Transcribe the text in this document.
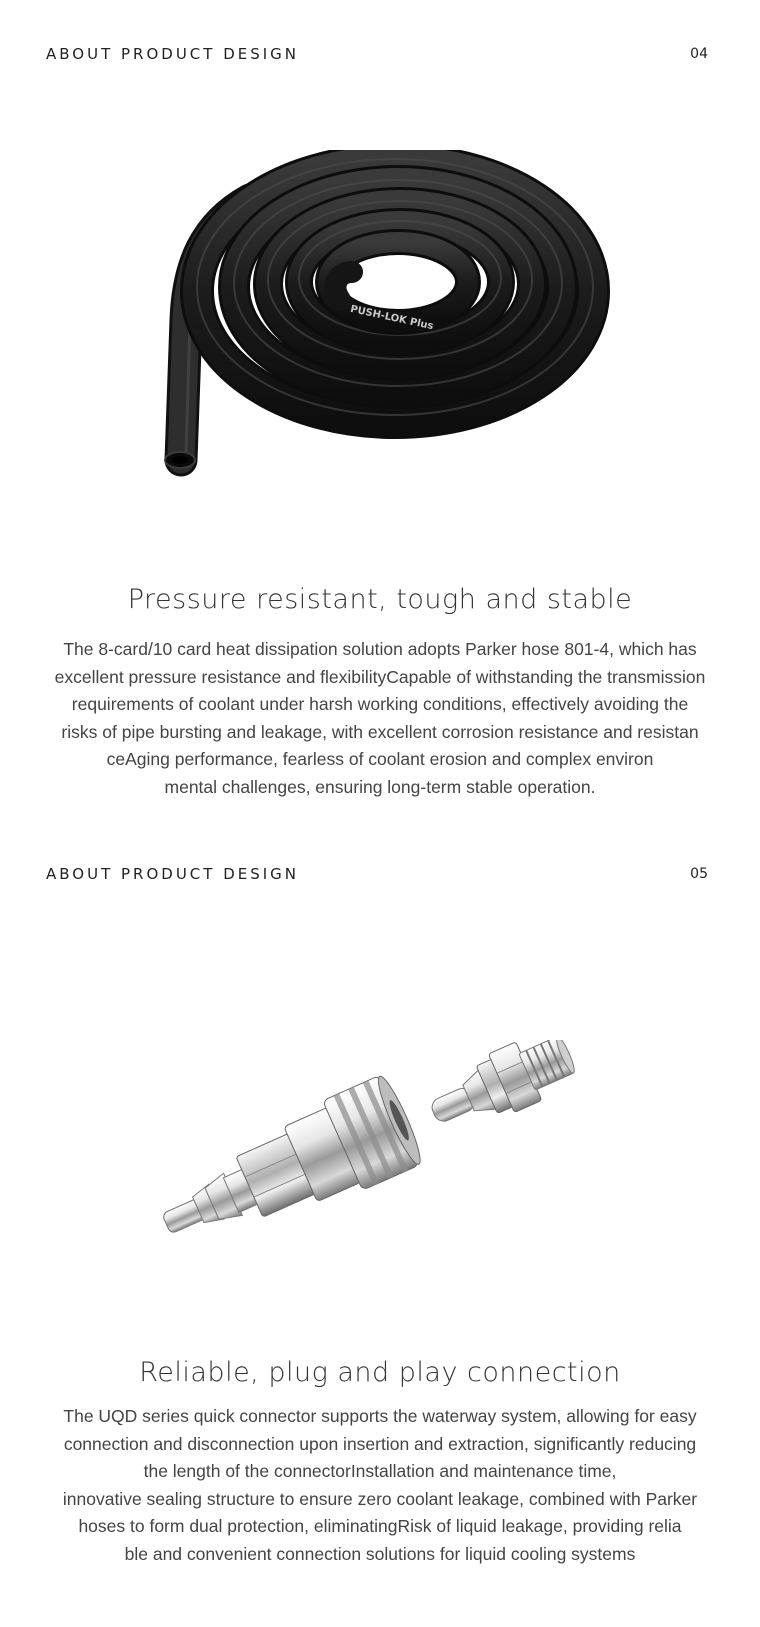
ABOUT PRODUCT DESIGN	04
PUSH-LOK Plus
Pressure resistant, tough and stable
The 8-card/10 card heat dissipation solution adopts Parker hose 801-4, which has
excellent pressure resistance and flexibilityCapable of withstanding the transmission
requirements of coolant under harsh working conditions, effectively avoiding the
risks of pipe bursting and leakage, with excellent corrosion resistance and resistan
ceAging performance, fearless of coolant erosion and complex environ
mental challenges, ensuring long-term stable operation.
ABOUT PRODUCT DESIGN	05
Reliable, plug and play connection
The UQD series quick connector supports the waterway system, allowing for easy
connection and disconnection upon insertion and extraction, significantly reducing
the length of the connectorInstallation and maintenance time,
innovative sealing structure to ensure zero coolant leakage, combined with Parker
hoses to form dual protection, eliminatingRisk of liquid leakage, providing relia
ble and convenient connection solutions for liquid cooling systems
